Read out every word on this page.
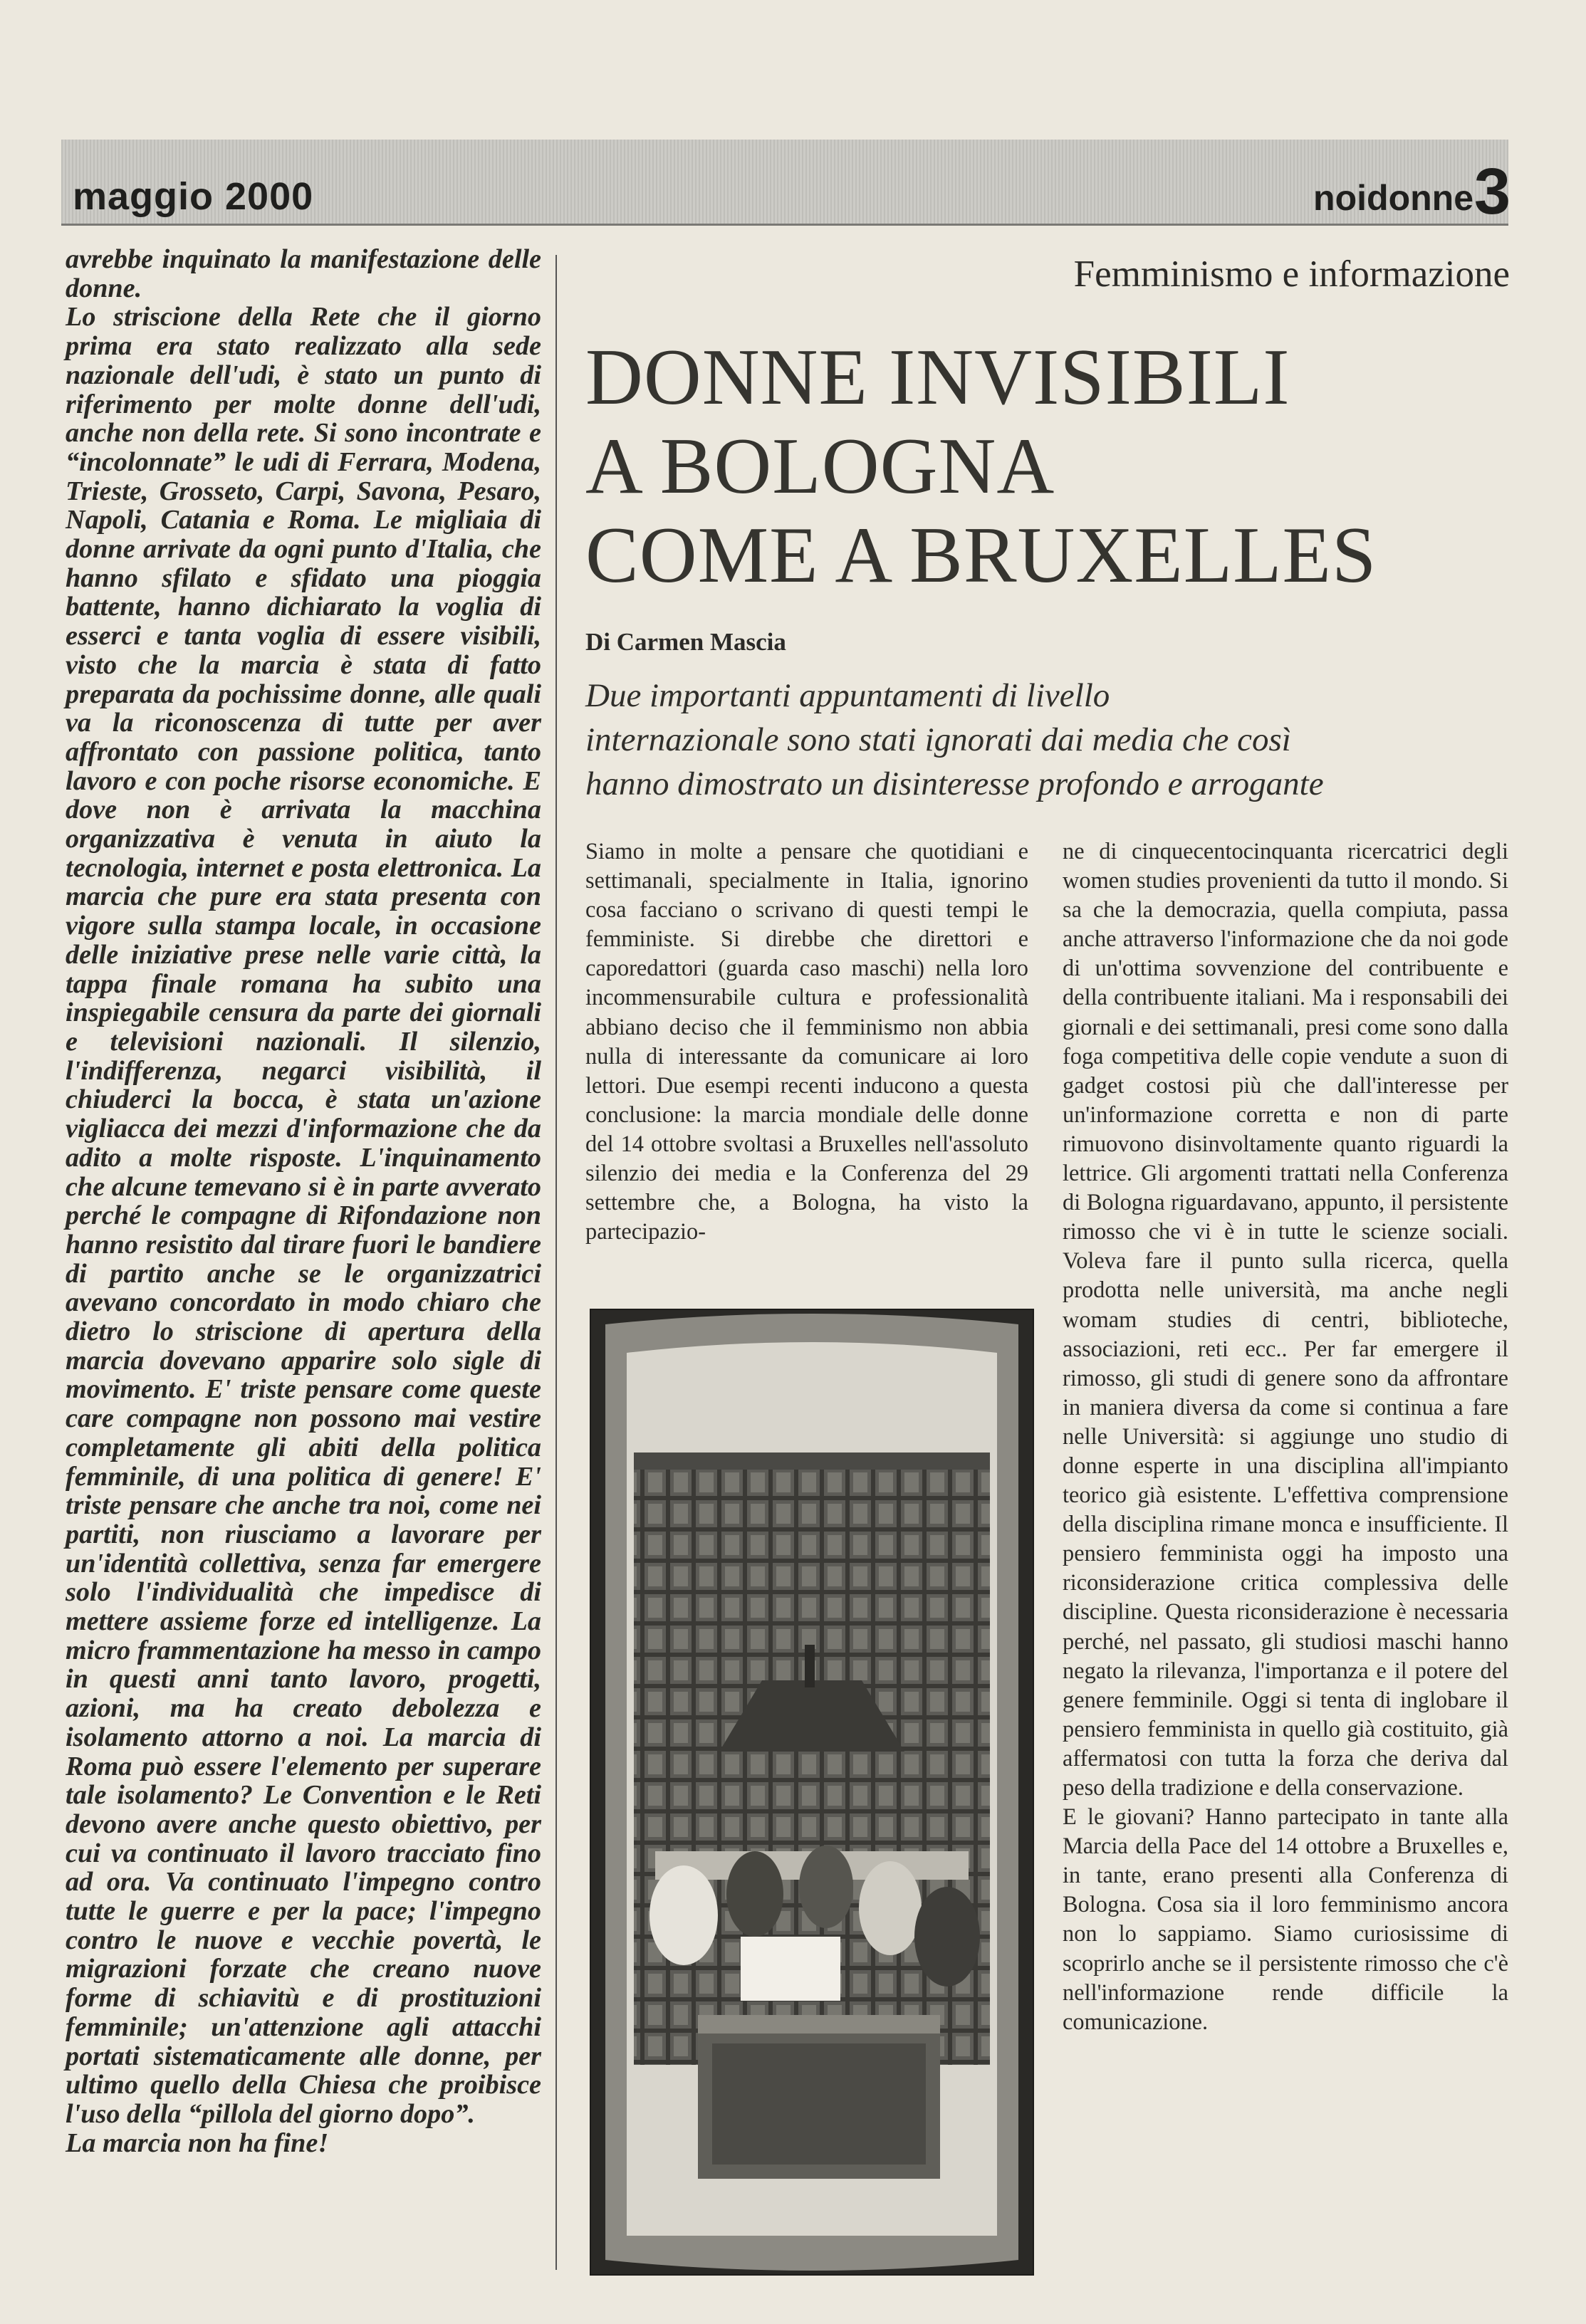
maggio 2000	noidonne 3

avrebbe inquinato la manifestazione delle donne.

Lo striscione della Rete che il giorno prima era stato realizzato alla sede nazionale dell'udi, è stato un punto di riferimento per molte donne dell'udi, anche non della rete. Si sono incontrate e “incolonnate” le udi di Ferrara, Modena, Trieste, Grosseto, Carpi, Savona, Pesaro, Napoli, Catania e Roma. Le migliaia di donne arrivate da ogni punto d'Italia, che hanno sfilato e sfidato una pioggia battente, hanno dichiarato la voglia di esserci e tanta voglia di essere visibili, visto che la marcia è stata di fatto preparata da pochissime donne, alle quali va la riconoscenza di tutte per aver affrontato con passione politica, tanto lavoro e con poche risorse economiche. E dove non è arrivata la macchina organizzativa è venuta in aiuto la tecnologia, internet e posta elettronica. La marcia che pure era stata presenta con vigore sulla stampa locale, in occasione delle iniziative prese nelle varie città, la tappa finale romana ha subito una inspiegabile censura da parte dei giornali e televisioni nazionali. Il silenzio, l'indifferenza, negarci visibilità, il chiuderci la bocca, è stata un'azione vigliacca dei mezzi d'informazione che da adito a molte risposte. L'inquinamento che alcune temevano si è in parte avverato perché le compagne di Rifondazione non hanno resistito dal tirare fuori le bandiere di partito anche se le organizzatrici avevano concordato in modo chiaro che dietro lo striscione di apertura della marcia dovevano apparire solo sigle di movimento. E' triste pensare come queste care compagne non possono mai vestire completamente gli abiti della politica femminile, di una politica di genere! E' triste pensare che anche tra noi, come nei partiti, non riusciamo a lavorare per un'identità collettiva, senza far emergere solo l'individualità che impedisce di mettere assieme forze ed intelligenze. La micro frammentazione ha messo in campo in questi anni tanto lavoro, progetti, azioni, ma ha creato debolezza e isolamento attorno a noi. La marcia di Roma può essere l'elemento per superare tale isolamento? Le Convention e le Reti devono avere anche questo obiettivo, per cui va continuato il lavoro tracciato fino ad ora. Va continuato l'impegno contro tutte le guerre e per la pace; l'impegno contro le nuove e vecchie povertà, le migrazioni forzate che creano nuove forme di schiavitù e di prostituzioni femminile; un'attenzione agli attacchi portati sistematicamente alle donne, per ultimo quello della Chiesa che proibisce l'uso della “pillola del giorno dopo”.

La marcia non ha fine!

Femminismo e informazione
DONNE INVISIBILI
A BOLOGNA
COME A BRUXELLES
Di Carmen Mascia
Due importanti appuntamenti di livello
internazionale sono stati ignorati dai media che così
hanno dimostrato un disinteresse profondo e arrogante

Siamo in molte a pensare che quotidiani e settimanali, specialmente in Italia, ignorino cosa facciano o scrivano di questi tempi le femministe. Si direbbe che direttori e caporedattori (guarda caso maschi) nella loro incommensurabile cultura e professionalità abbiano deciso che il femminismo non abbia nulla di interessante da comunicare ai loro lettori. Due esempi recenti inducono a questa conclusione: la marcia mondiale delle donne del 14 ottobre svoltasi a Bruxelles nell'assoluto silenzio dei media e la Conferenza del 29 settembre che, a Bologna, ha visto la partecipazio-

ne di cinquecentocinquanta ricercatrici degli women studies provenienti da tutto il mondo. Si sa che la democrazia, quella compiuta, passa anche attraverso l'informazione che da noi gode di un'ottima sovvenzione del contribuente e della contribuente italiani. Ma i responsabili dei giornali e dei settimanali, presi come sono dalla foga competitiva delle copie vendute a suon di gadget costosi più che dall'interesse per un'informazione corretta e non di parte rimuovono disinvoltamente quanto riguardi la lettrice. Gli argomenti trattati nella Conferenza di Bologna riguardavano, appunto, il persistente rimosso che vi è in tutte le scienze sociali. Voleva fare il punto sulla ricerca, quella prodotta nelle università, ma anche negli womam studies di centri, biblioteche, associazioni, reti ecc.. Per far emergere il rimosso, gli studi di genere sono da affrontare in maniera diversa da come si continua a fare nelle Università: si aggiunge uno studio di donne esperte in una disciplina all'impianto teorico già esistente. L'effettiva comprensione della disciplina rimane monca e insufficiente. Il pensiero femminista oggi ha imposto una riconsiderazione critica complessiva delle discipline. Questa riconsiderazione è necessaria perché, nel passato, gli studiosi maschi hanno negato la rilevanza, l'importanza e il potere del genere femminile. Oggi si tenta di inglobare il pensiero femminista in quello già costituito, già affermatosi con tutta la forza che deriva dal peso della tradizione e della conservazione.

E le giovani? Hanno partecipato in tante alla Marcia della Pace del 14 ottobre a Bruxelles e, in tante, erano presenti alla Conferenza di Bologna. Cosa sia il loro femminismo ancora non lo sappiamo. Siamo curiosissime di scoprirlo anche se il persistente rimosso che c'è nell'informazione rende difficile la comunicazione.
